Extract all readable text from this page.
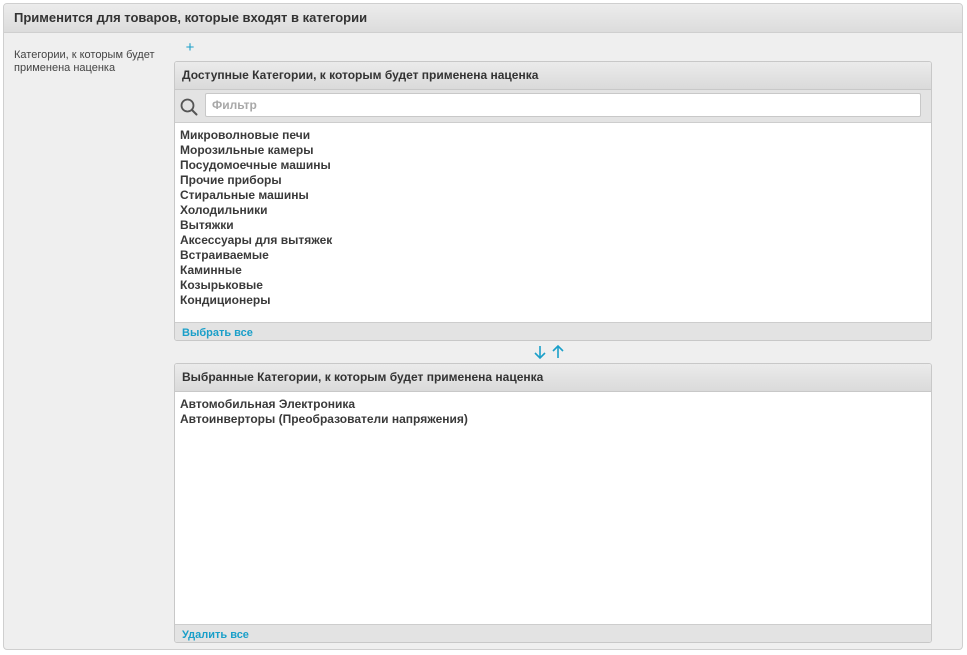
Применится для товаров, которые входят в категории
Категории, к которым будет применена наценка
+
Доступные Категории, к которым будет применена наценка
Фильтр
Микроволновые печи
Морозильные камеры
Посудомоечные машины
Прочие приборы
Стиральные машины
Холодильники
Вытяжки
Аксессуары для вытяжек
Встраиваемые
Каминные
Козырьковые
Кондиционеры
Выбрать все
Выбранные Категории, к которым будет применена наценка
Автомобильная Электроника
Автоинверторы (Преобразователи напряжения)
Удалить все
